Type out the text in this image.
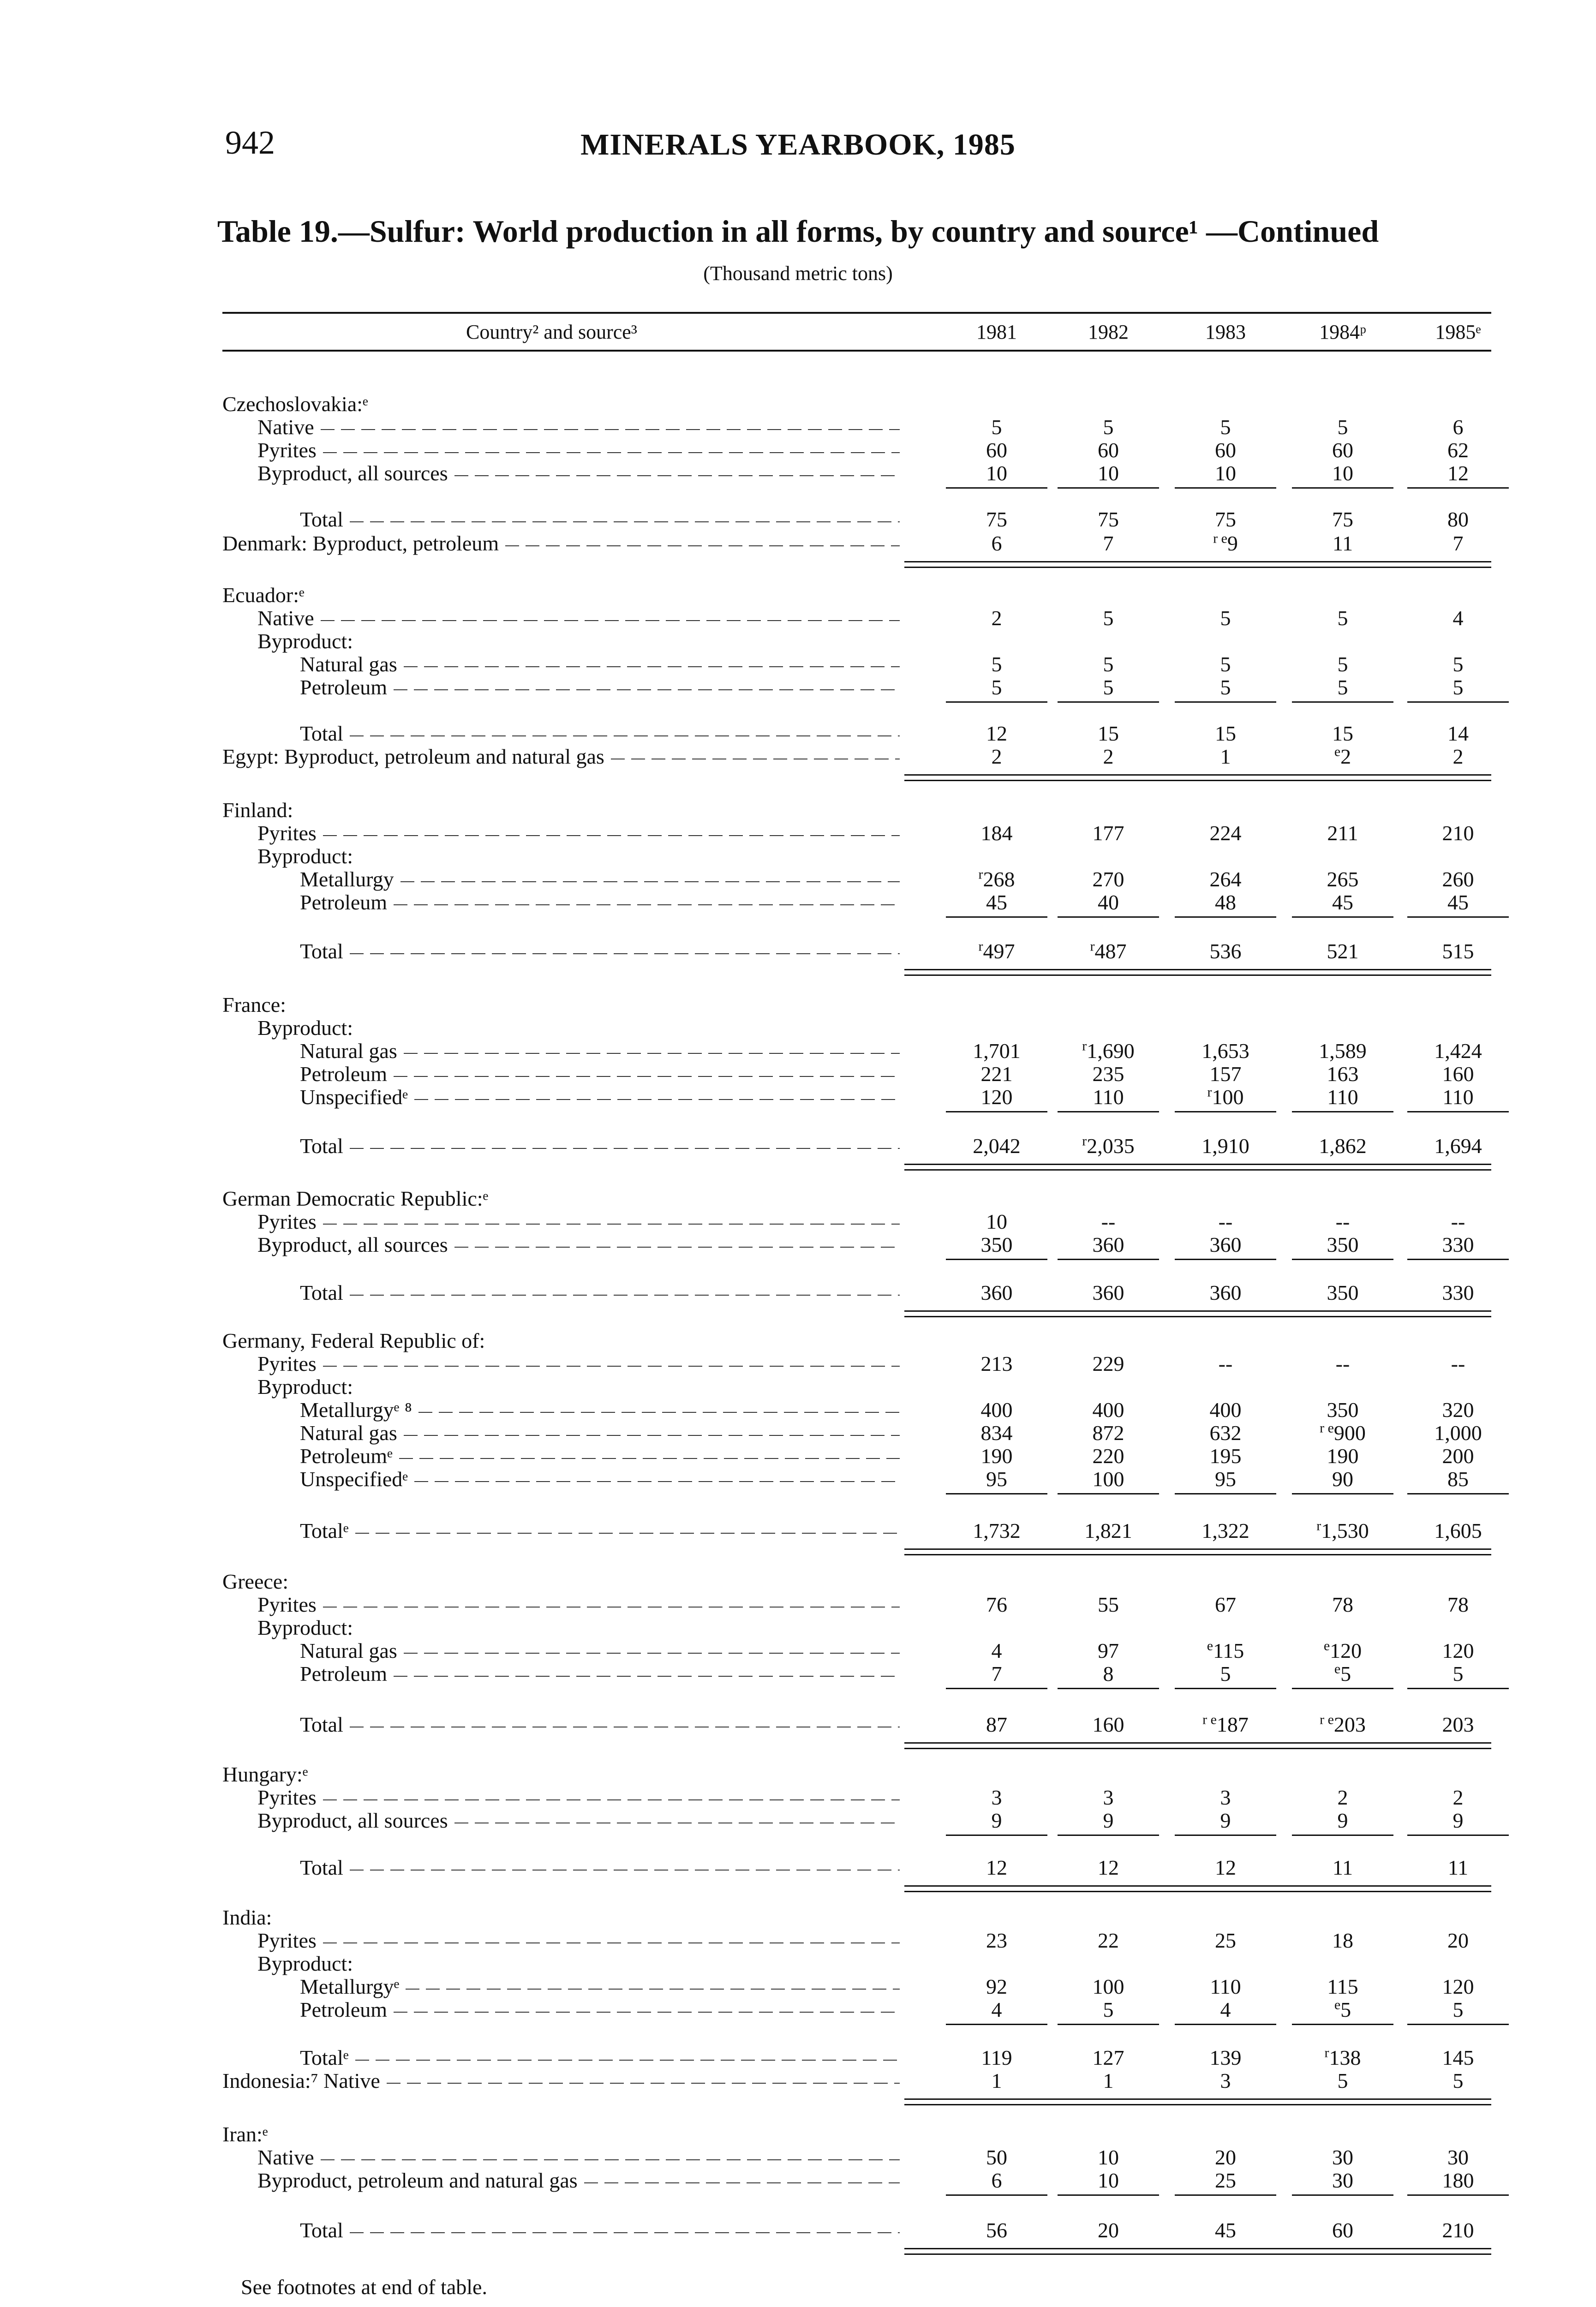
942	MINERALS YEARBOOK, 1985
Table 19.—Sulfur: World production in all forms, by country and source¹ —Continued
(Thousand metric tons)
Country² and source³	1981	1982	1983	1984ᵖ	1985ᵉ
Czechoslovakia:ᵉ
Native	5	5	5	5	6
Pyrites	60	60	60	60	62
Byproduct, all sources	10	10	10	10	12
Total	75	75	75	75	80
Denmark: Byproduct, petroleum	6	7	$^{r e}$9	11	7
Ecuador:ᵉ
Native	2	5	5	5	4
Byproduct:
Natural gas	5	5	5	5	5
Petroleum	5	5	5	5	5
Total	12	15	15	15	14
Egypt: Byproduct, petroleum and natural gas	2	2	1	$^e$2	2
Finland:
Pyrites	184	177	224	211	210
Byproduct:
Metallurgy	$^r$268	270	264	265	260
Petroleum	45	40	48	45	45
Total	$^r$497	$^r$487	536	521	515
France:
Byproduct:
Natural gas	1,701	$^r$1,690	1,653	1,589	1,424
Petroleum	221	235	157	163	160
Unspecifiedᵉ	120	110	$^r$100	110	110
Total	2,042	$^r$2,035	1,910	1,862	1,694
German Democratic Republic:ᵉ
Pyrites	10	--	--	--	--
Byproduct, all sources	350	360	360	350	330
Total	360	360	360	350	330
Germany, Federal Republic of:
Pyrites	213	229	--	--	--
Byproduct:
Metallurgyᵉ ⁸	400	400	400	350	320
Natural gas	834	872	632	$^{r e}$900	1,000
Petroleumᵉ	190	220	195	190	200
Unspecifiedᵉ	95	100	95	90	85
Totalᵉ	1,732	1,821	1,322	$^r$1,530	1,605
Greece:
Pyrites	76	55	67	78	78
Byproduct:
Natural gas	4	97	$^e$115	$^e$120	120
Petroleum	7	8	5	$^e$5	5
Total	87	160	$^{r e}$187	$^{r e}$203	203
Hungary:ᵉ
Pyrites	3	3	3	2	2
Byproduct, all sources	9	9	9	9	9
Total	12	12	12	11	11
India:
Pyrites	23	22	25	18	20
Byproduct:
Metallurgyᵉ	92	100	110	115	120
Petroleum	4	5	4	$^e$5	5
Totalᵉ	119	127	139	$^r$138	145
Indonesia:⁷ Native	1	1	3	5	5
Iran:ᵉ
Native	50	10	20	30	30
Byproduct, petroleum and natural gas	6	10	25	30	180
Total	56	20	45	60	210
See footnotes at end of table.
